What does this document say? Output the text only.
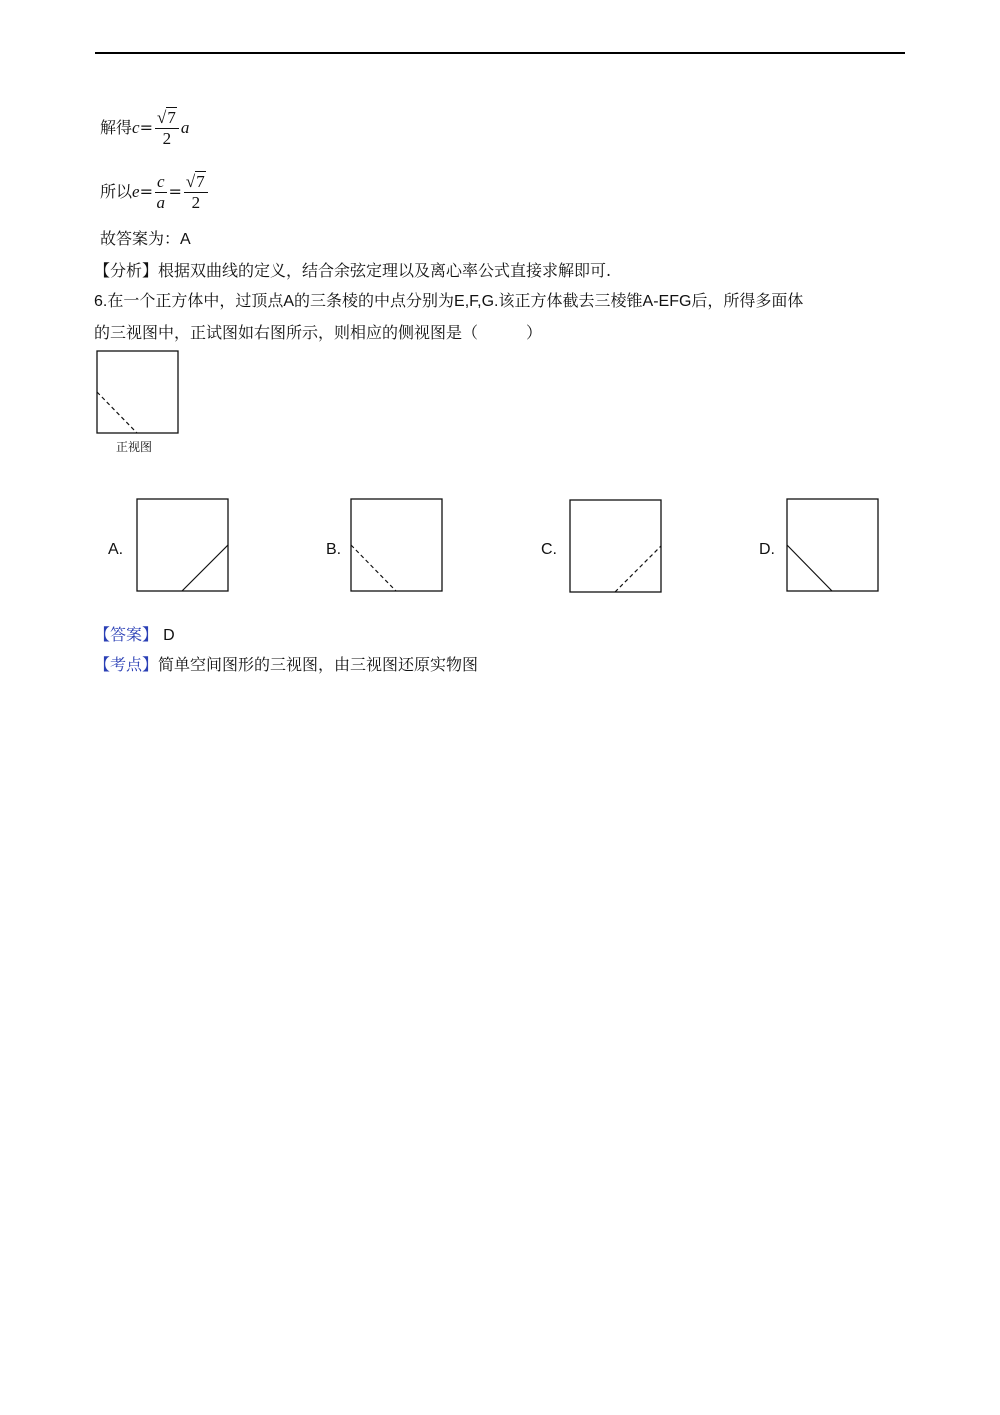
解得$c= \frac{√7}{2}$ a
所以$e= \frac{c}{a} = \frac{√7}{2}$
故答案为：A
【分析】根据双曲线的定义，结合余弦定理以及离心率公式直接求解即可.
6.在一个正方体中，过顶点A的三条棱的中点分别为E,F,G.该正方体截去三棱锥A-EFG后，所得多面体
的三视图中，正试图如右图所示，则相应的侧视图是（　　　）
正视图
A.	B.	C.	D.
【答案】 D
【考点】简单空间图形的三视图，由三视图还原实物图
